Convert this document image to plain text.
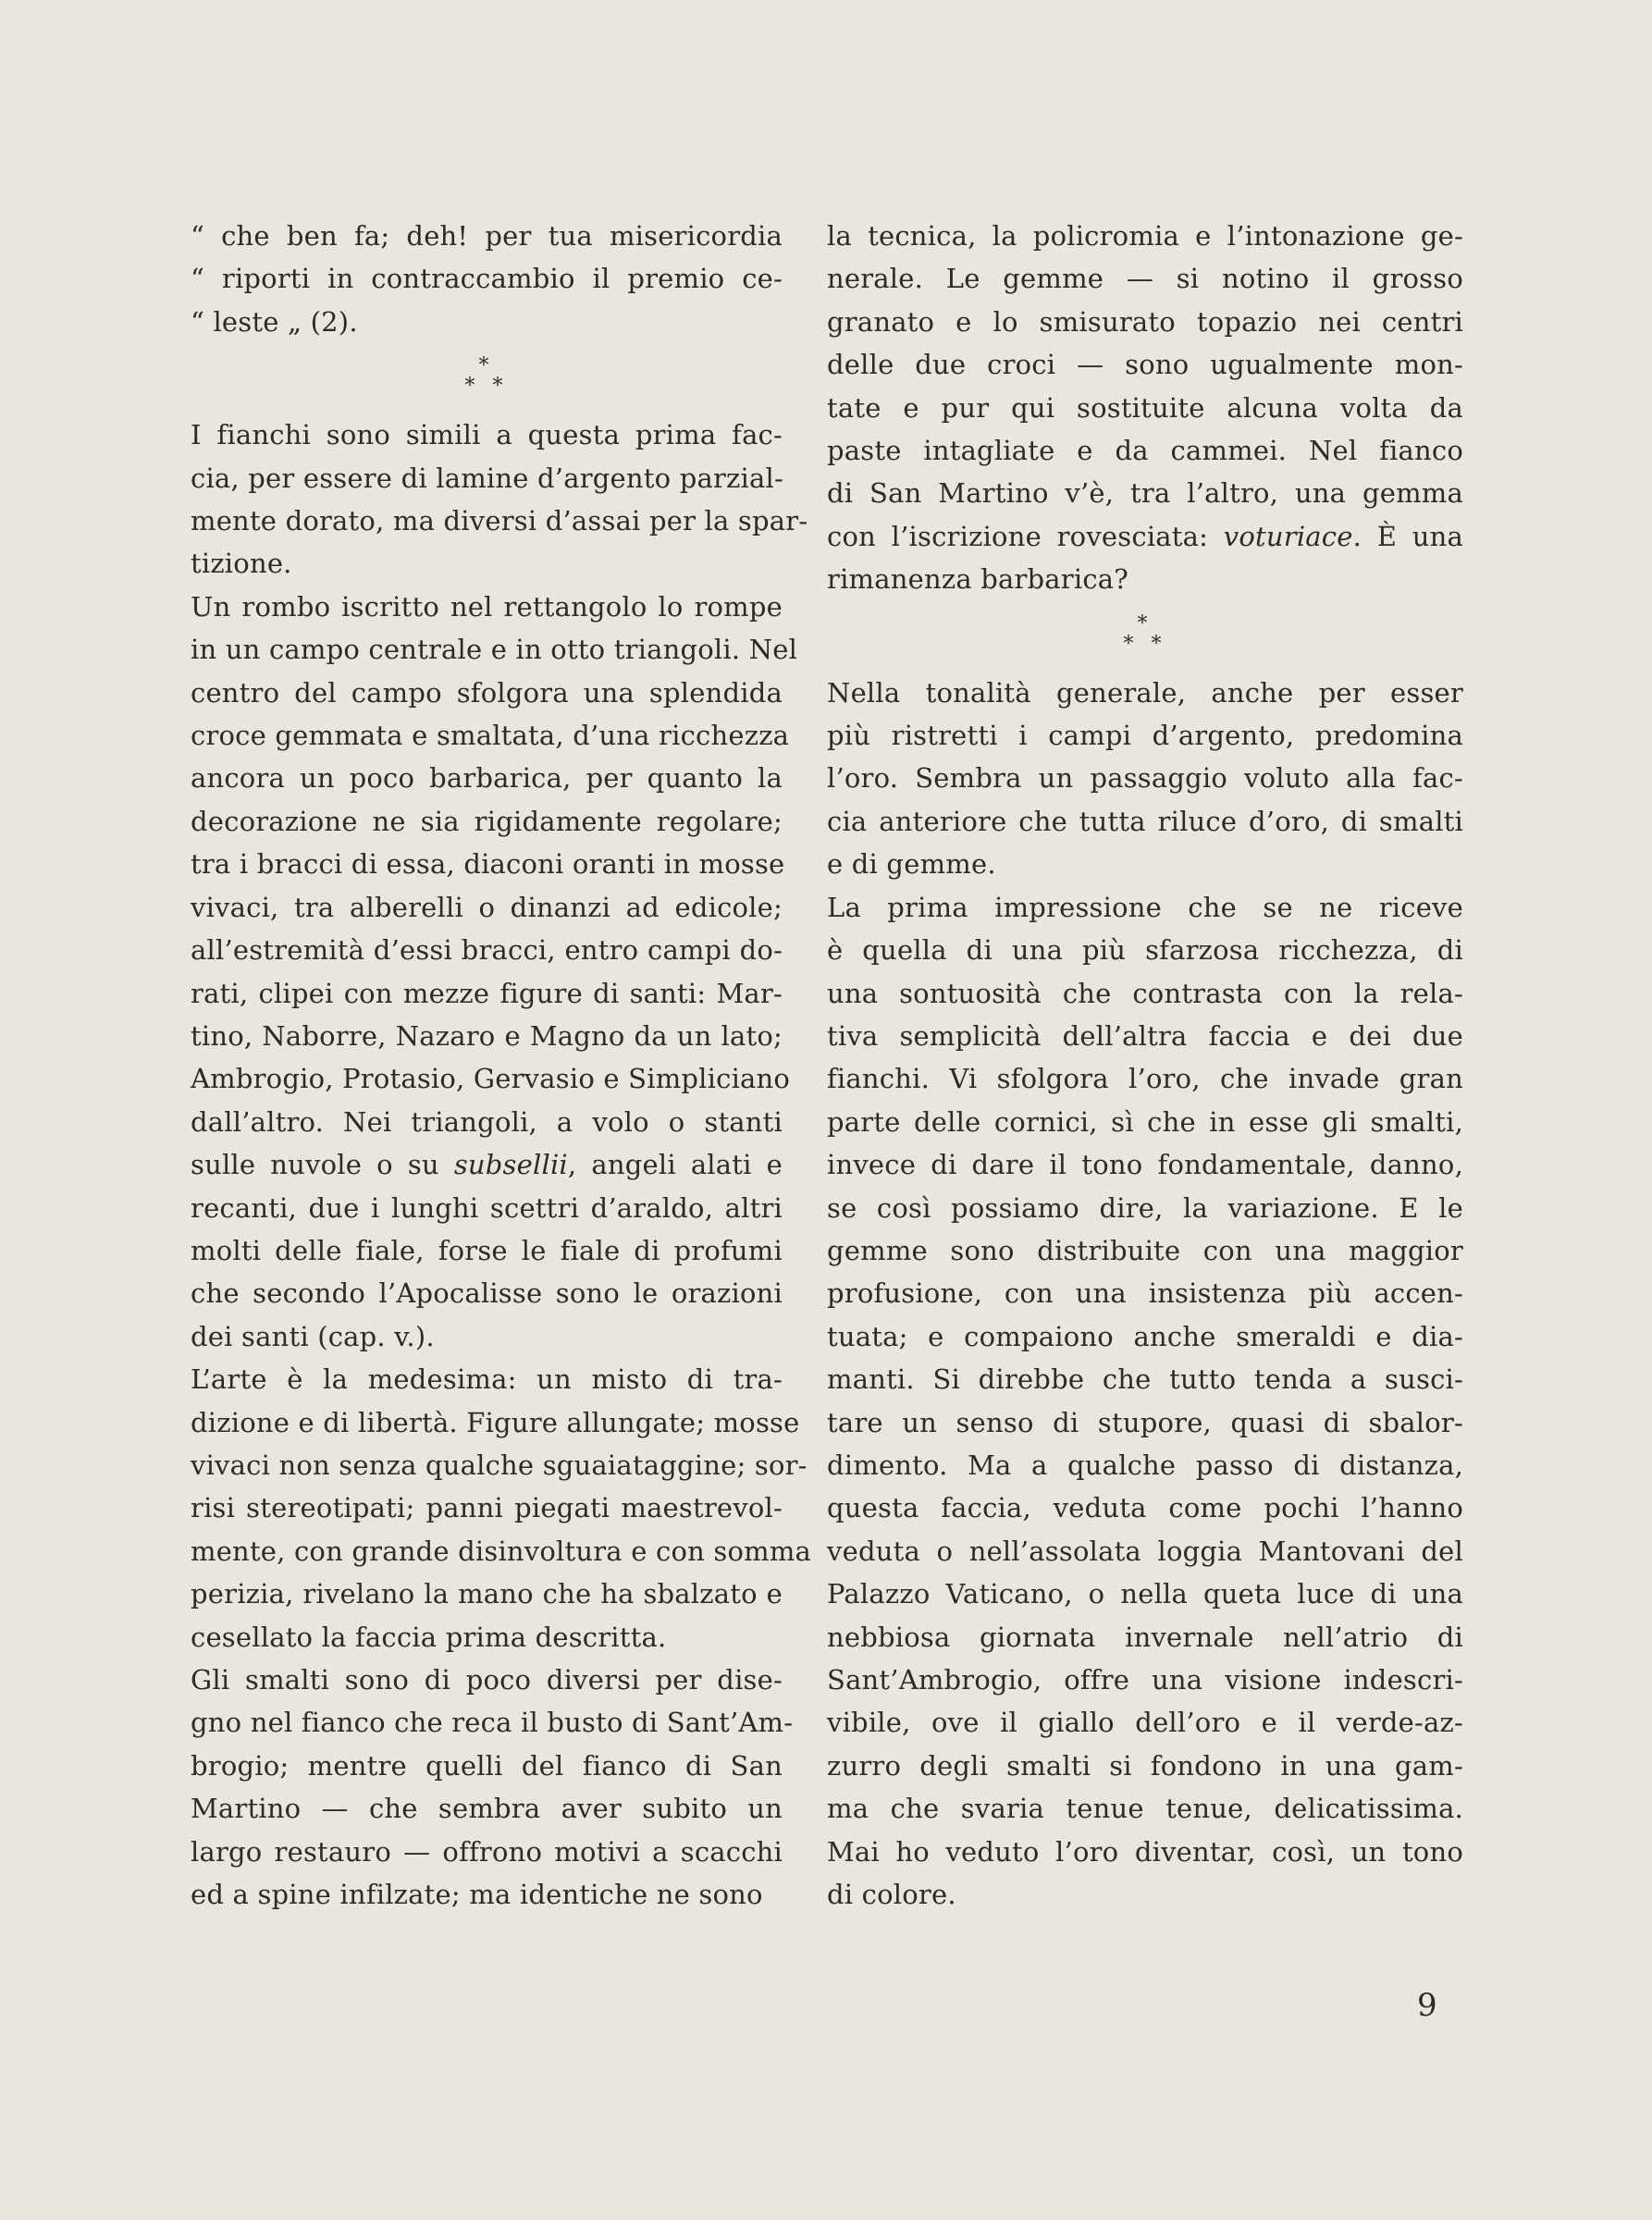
“ che ben fa; deh! per tua misericordia
“ riporti in contraccambio il premio ce-
“ leste „ (2).
*
* *
I fianchi sono simili a questa prima fac-
cia, per essere di lamine d’argento parzial-
mente dorato, ma diversi d’assai per la spar-
tizione.
Un rombo iscritto nel rettangolo lo rompe
in un campo centrale e in otto triangoli. Nel
centro del campo sfolgora una splendida
croce gemmata e smaltata, d’una ricchezza
ancora un poco barbarica, per quanto la
decorazione ne sia rigidamente regolare;
tra i bracci di essa, diaconi oranti in mosse
vivaci, tra alberelli o dinanzi ad edicole;
all’estremità d’essi bracci, entro campi do-
rati, clipei con mezze figure di santi: Mar-
tino, Naborre, Nazaro e Magno da un lato;
Ambrogio, Protasio, Gervasio e Simpliciano
dall’altro. Nei triangoli, a volo o stanti
sulle nuvole o su subsellii, angeli alati e
recanti, due i lunghi scettri d’araldo, altri
molti delle fiale, forse le fiale di profumi
che secondo l’Apocalisse sono le orazioni
dei santi (cap. v.).
L’arte è la medesima: un misto di tra-
dizione e di libertà. Figure allungate; mosse
vivaci non senza qualche sguaiataggine; sor-
risi stereotipati; panni piegati maestrevol-
mente, con grande disinvoltura e con somma
perizia, rivelano la mano che ha sbalzato e
cesellato la faccia prima descritta.
Gli smalti sono di poco diversi per dise-
gno nel fianco che reca il busto di Sant’Am-
brogio; mentre quelli del fianco di San
Martino — che sembra aver subito un
largo restauro — offrono motivi a scacchi
ed a spine infilzate; ma identiche ne sono
la tecnica, la policromia e l’intonazione ge-
nerale. Le gemme — si notino il grosso
granato e lo smisurato topazio nei centri
delle due croci — sono ugualmente mon-
tate e pur qui sostituite alcuna volta da
paste intagliate e da cammei. Nel fianco
di San Martino v’è, tra l’altro, una gemma
con l’iscrizione rovesciata: voturiace. È una
rimanenza barbarica?
*
* *
Nella tonalità generale, anche per esser
più ristretti i campi d’argento, predomina
l’oro. Sembra un passaggio voluto alla fac-
cia anteriore che tutta riluce d’oro, di smalti
e di gemme.
La prima impressione che se ne riceve
è quella di una più sfarzosa ricchezza, di
una sontuosità che contrasta con la rela-
tiva semplicità dell’altra faccia e dei due
fianchi. Vi sfolgora l’oro, che invade gran
parte delle cornici, sì che in esse gli smalti,
invece di dare il tono fondamentale, danno,
se così possiamo dire, la variazione. E le
gemme sono distribuite con una maggior
profusione, con una insistenza più accen-
tuata; e compaiono anche smeraldi e dia-
manti. Si direbbe che tutto tenda a susci-
tare un senso di stupore, quasi di sbalor-
dimento. Ma a qualche passo di distanza,
questa faccia, veduta come pochi l’hanno
veduta o nell’assolata loggia Mantovani del
Palazzo Vaticano, o nella queta luce di una
nebbiosa giornata invernale nell’atrio di
Sant’Ambrogio, offre una visione indescri-
vibile, ove il giallo dell’oro e il verde-az-
zurro degli smalti si fondono in una gam-
ma che svaria tenue tenue, delicatissima.
Mai ho veduto l’oro diventar, così, un tono
di colore.
9
